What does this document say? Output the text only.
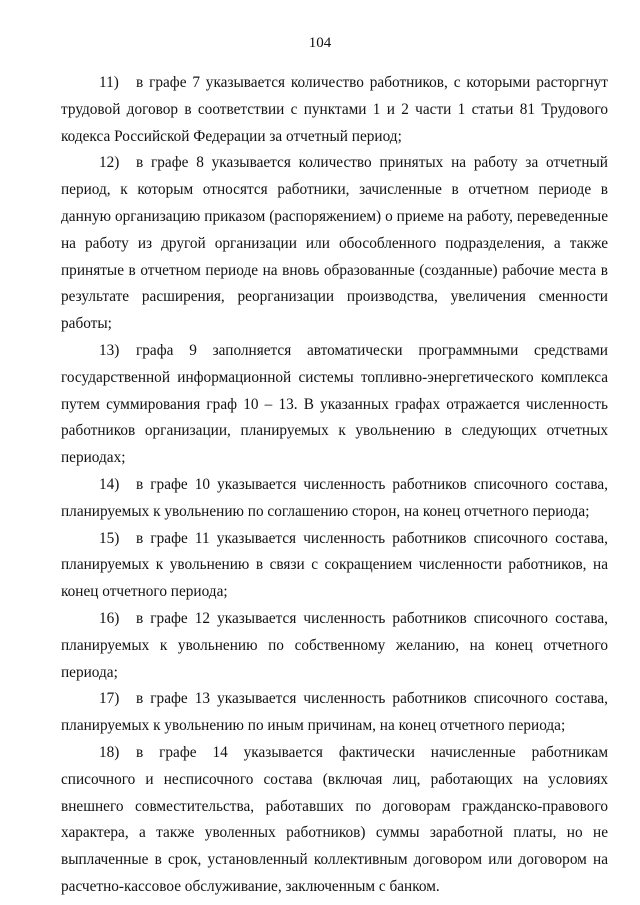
104

11) в графе 7 указывается количество работников, с которыми расторгнут трудовой договор в соответствии с пунктами 1 и 2 части 1 статьи 81 Трудового кодекса Российской Федерации за отчетный период;

12) в графе 8 указывается количество принятых на работу за отчетный период, к которым относятся работники, зачисленные в отчетном периоде в данную организацию приказом (распоряжением) о приеме на работу, переведенные на работу из другой организации или обособленного подразделения, а также принятые в отчетном периоде на вновь образованные (созданные) рабочие места в результате расширения, реорганизации производства, увеличения сменности работы;

13) графа 9 заполняется автоматически программными средствами государственной информационной системы топливно-энергетического комплекса путем суммирования граф 10 – 13. В указанных графах отражается численность работников организации, планируемых к увольнению в следующих отчетных периодах;

14) в графе 10 указывается численность работников списочного состава, планируемых к увольнению по соглашению сторон, на конец отчетного периода;

15) в графе 11 указывается численность работников списочного состава, планируемых к увольнению в связи с сокращением численности работников, на конец отчетного периода;

16) в графе 12 указывается численность работников списочного состава, планируемых к увольнению по собственному желанию, на конец отчетного периода;

17) в графе 13 указывается численность работников списочного состава, планируемых к увольнению по иным причинам, на конец отчетного периода;

18) в графе 14 указывается фактически начисленные работникам списочного и несписочного состава (включая лиц, работающих на условиях внешнего совместительства, работавших по договорам гражданско-правового характера, а также уволенных работников) суммы заработной платы, но не выплаченные в срок, установленный коллективным договором или договором на расчетно-кассовое обслуживание, заключенным с банком.
